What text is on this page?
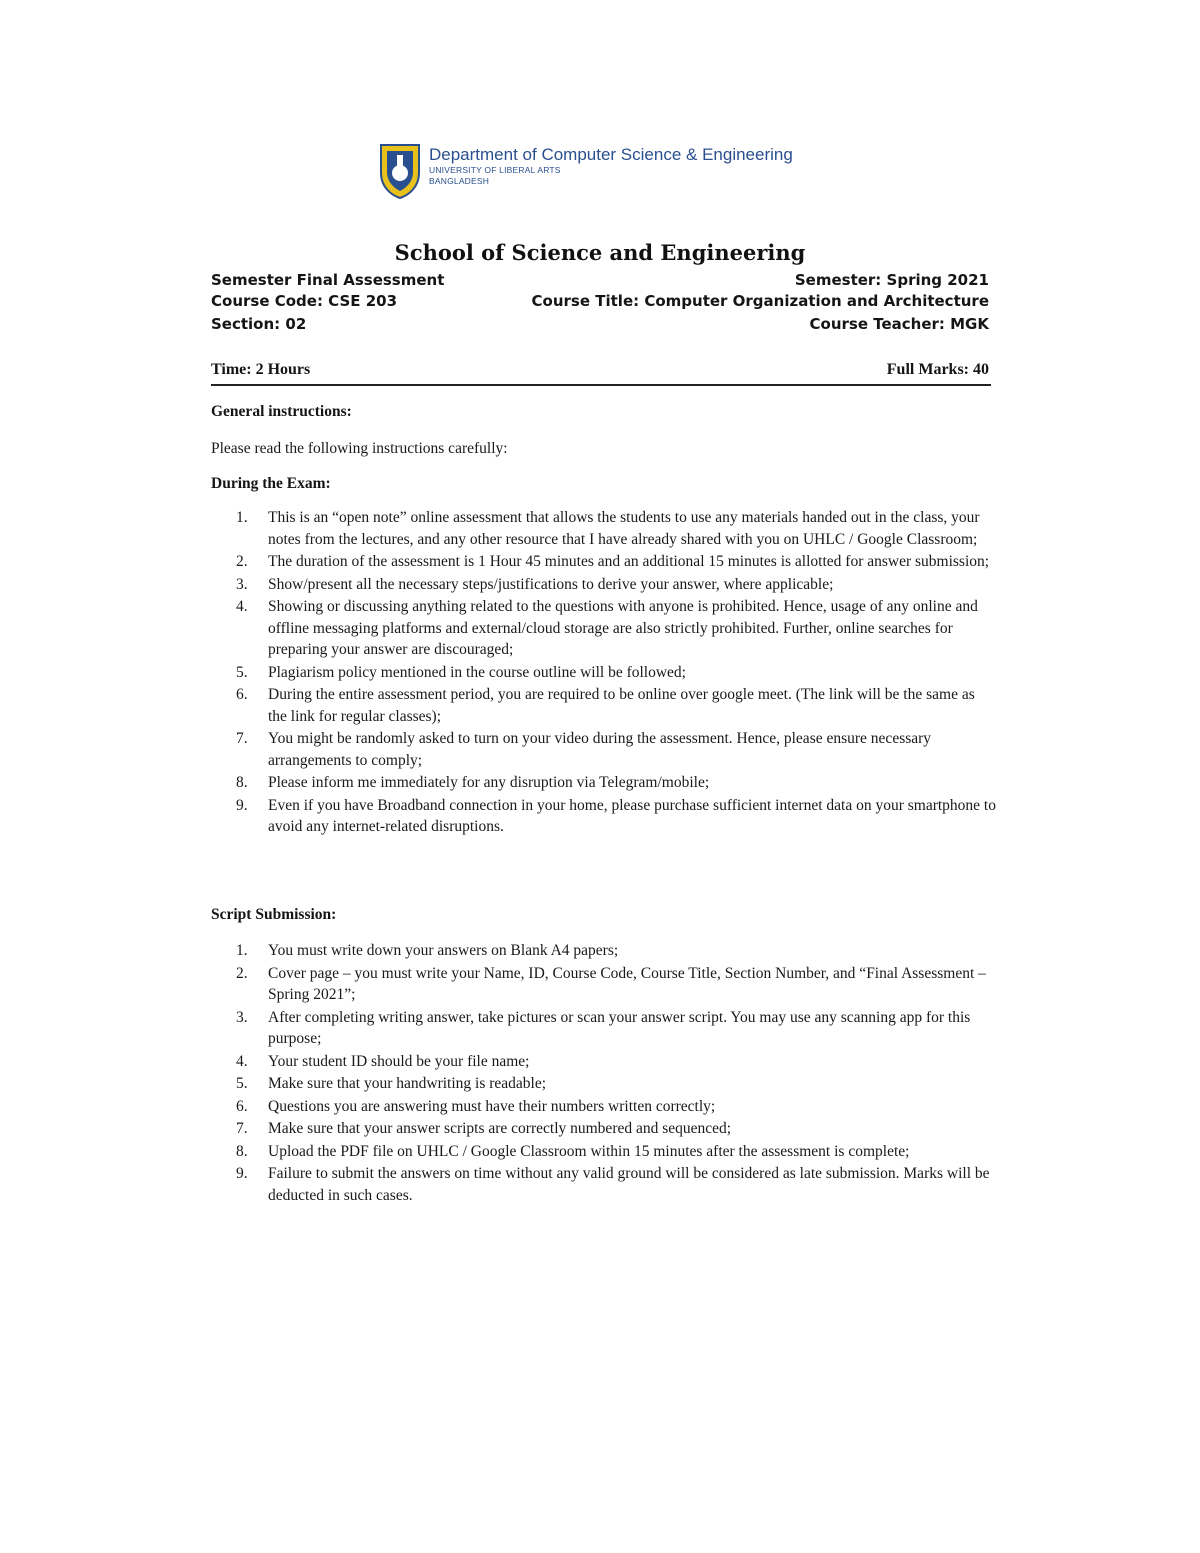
Department of Computer Science & Engineering
UNIVERSITY OF LIBERAL ARTS
BANGLADESH
School of Science and Engineering
Semester Final Assessment	Semester: Spring 2021
Course Code: CSE 203	Course Title: Computer Organization and Architecture
Section: 02	Course Teacher: MGK
Time: 2 Hours	Full Marks: 40
General instructions:
Please read the following instructions carefully:
During the Exam:
1.	This is an “open note” online assessment that allows the students to use any materials handed out in the class, your notes from the lectures, and any other resource that I have already shared with you on UHLC / Google Classroom;
2.	The duration of the assessment is 1 Hour 45 minutes and an additional 15 minutes is allotted for answer submission;
3.	Show/present all the necessary steps/justifications to derive your answer, where applicable;
4.	Showing or discussing anything related to the questions with anyone is prohibited. Hence, usage of any online and offline messaging platforms and external/cloud storage are also strictly prohibited. Further, online searches for preparing your answer are discouraged;
5.	Plagiarism policy mentioned in the course outline will be followed;
6.	During the entire assessment period, you are required to be online over google meet. (The link will be the same as the link for regular classes);
7.	You might be randomly asked to turn on your video during the assessment. Hence, please ensure necessary arrangements to comply;
8.	Please inform me immediately for any disruption via Telegram/mobile;
9.	Even if you have Broadband connection in your home, please purchase sufficient internet data on your smartphone to avoid any internet-related disruptions.
Script Submission:
1.	You must write down your answers on Blank A4 papers;
2.	Cover page – you must write your Name, ID, Course Code, Course Title, Section Number, and “Final Assessment – Spring 2021”;
3.	After completing writing answer, take pictures or scan your answer script. You may use any scanning app for this purpose;
4.	Your student ID should be your file name;
5.	Make sure that your handwriting is readable;
6.	Questions you are answering must have their numbers written correctly;
7.	Make sure that your answer scripts are correctly numbered and sequenced;
8.	Upload the PDF file on UHLC / Google Classroom within 15 minutes after the assessment is complete;
9.	Failure to submit the answers on time without any valid ground will be considered as late submission. Marks will be deducted in such cases.
